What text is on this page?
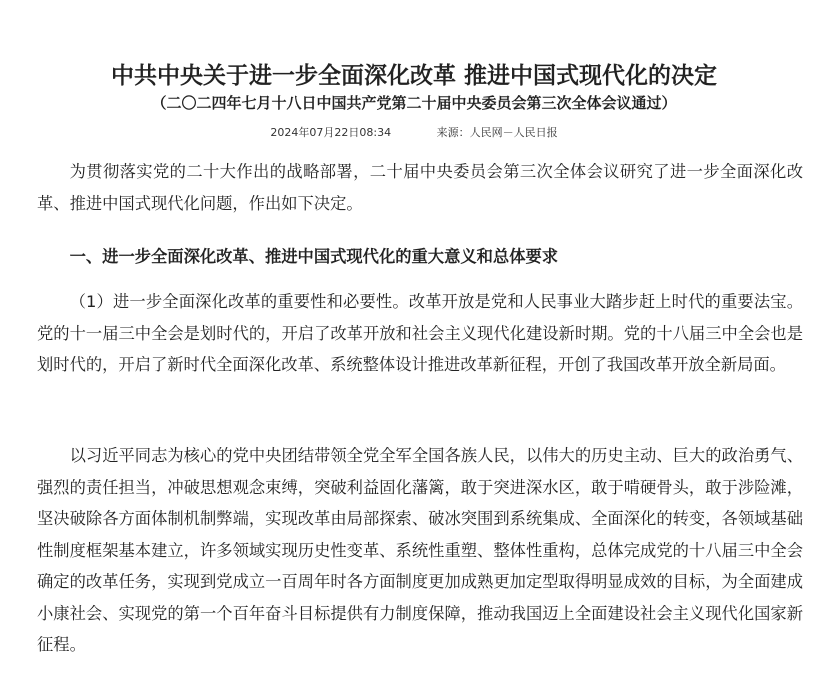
中共中央关于进一步全面深化改革 推进中国式现代化的决定
（二〇二四年七月十八日中国共产党第二十届中央委员会第三次全体会议通过）
2024年07月22日08:34	来源：人民网－人民日报

为贯彻落实党的二十大作出的战略部署，二十届中央委员会第三次全体会议研究了进一步全面深化改革、推进中国式现代化问题，作出如下决定。

一、进一步全面深化改革、推进中国式现代化的重大意义和总体要求

（1）进一步全面深化改革的重要性和必要性。改革开放是党和人民事业大踏步赶上时代的重要法宝。党的十一届三中全会是划时代的，开启了改革开放和社会主义现代化建设新时期。党的十八届三中全会也是划时代的，开启了新时代全面深化改革、系统整体设计推进改革新征程，开创了我国改革开放全新局面。

以习近平同志为核心的党中央团结带领全党全军全国各族人民，以伟大的历史主动、巨大的政治勇气、强烈的责任担当，冲破思想观念束缚，突破利益固化藩篱，敢于突进深水区，敢于啃硬骨头，敢于涉险滩，坚决破除各方面体制机制弊端，实现改革由局部探索、破冰突围到系统集成、全面深化的转变，各领域基础性制度框架基本建立，许多领域实现历史性变革、系统性重塑、整体性重构，总体完成党的十八届三中全会确定的改革任务，实现到党成立一百周年时各方面制度更加成熟更加定型取得明显成效的目标，为全面建成小康社会、实现党的第一个百年奋斗目标提供有力制度保障，推动我国迈上全面建设社会主义现代化国家新征程。
